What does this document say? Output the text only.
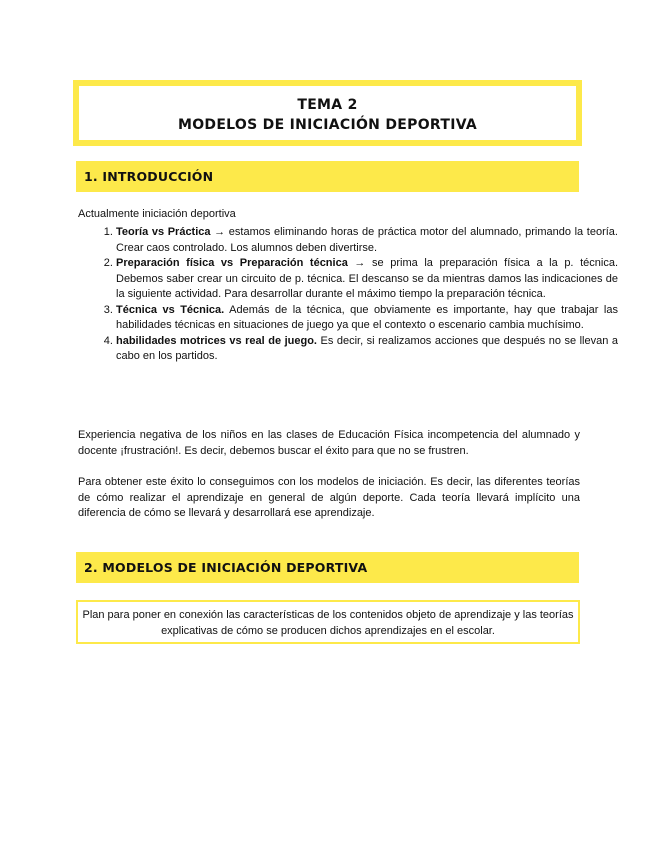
TEMA 2
MODELOS DE INICIACIÓN DEPORTIVA
1. INTRODUCCIÓN
Actualmente iniciación deportiva
1. Teoría vs Práctica → estamos eliminando horas de práctica motor del alumnado, primando la teoría. Crear caos controlado. Los alumnos deben divertirse.
2. Preparación física vs Preparación técnica → se prima la preparación física a la p. técnica. Debemos saber crear un circuito de p. técnica. El descanso se da mientras damos las indicaciones de la siguiente actividad. Para desarrollar durante el máximo tiempo la preparación técnica.
3. Técnica vs Técnica. Además de la técnica, que obviamente es importante, hay que trabajar las habilidades técnicas en situaciones de juego ya que el contexto o escenario cambia muchísimo.
4. habilidades motrices vs real de juego. Es decir, si realizamos acciones que después no se llevan a cabo en los partidos.
Experiencia negativa de los niños en las clases de Educación Física incompetencia del alumnado y docente ¡frustración!. Es decir, debemos buscar el éxito para que no se frustren.
Para obtener este éxito lo conseguimos con los modelos de iniciación. Es decir, las diferentes teorías de cómo realizar el aprendizaje en general de algún deporte. Cada teoría llevará implícito una diferencia de cómo se llevará y desarrollará ese aprendizaje.
2. MODELOS DE INICIACIÓN DEPORTIVA
Plan para poner en conexión las características de los contenidos objeto de aprendizaje y las teorías explicativas de cómo se producen dichos aprendizajes en el escolar.
